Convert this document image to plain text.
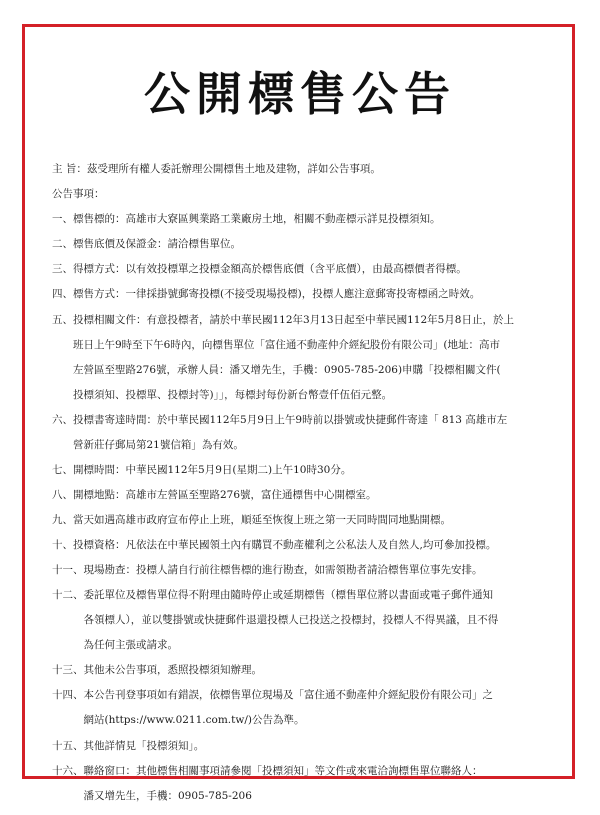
公開標售公告
主 旨：茲受理所有權人委託辦理公開標售土地及建物，詳如公告事項。
公告事項：
一、 標售標的：高雄市大寮區興業路工業廠房土地，相關不動產標示詳見投標須知。
二、 標售底價及保證金：請洽標售單位。
三、 得標方式：以有效投標單之投標金額高於標售底價（含平底價），由最高標價者得標。
四、 標售方式：一律採掛號郵寄投標(不接受現場投標)，投標人應注意郵寄投寄標函之時效。
五、 投標相關文件：有意投標者，請於中華民國112年3月13日起至中華民國112年5月8日止，於上
班日上午9時至下午6時內，向標售單位「富住通不動產仲介經紀股份有限公司」(地址：高市
左營區至聖路276號，承辦人員：潘又增先生，手機：0905-785-206)申購「投標相關文件(
投標須知、投標單、投標封等)」」，每標封每份新台幣壹仟伍佰元整。
六、 投標書寄達時間：於中華民國112年5月9日上午9時前以掛號或快捷郵件寄達「 813 高雄市左
營新莊仔郵局第21號信箱」為有效。
七、 開標時間：中華民國112年5月9日(星期二)上午10時30分。
八、 開標地點：高雄市左營區至聖路276號，富住通標售中心開標室。
九、 當天如遇高雄市政府宣布停止上班，順延至恢復上班之第一天同時間同地點開標。
十、 投標資格：凡依法在中華民國領土內有購買不動產權利之公私法人及自然人,均可參加投標。
十一、 現場勘查：投標人請自行前往標售標的進行勘查，如需領勘者請洽標售單位事先安排。
十二、 委託單位及標售單位得不附理由隨時停止或延期標售（標售單位將以書面或電子郵件通知
各領標人），並以雙掛號或快捷郵件退還投標人已投送之投標封，投標人不得異議，且不得
為任何主張或請求。
十三、 其他未公告事項，悉照投標須知辦理。
十四、 本公告刊登事項如有錯誤，依標售單位現場及「富住通不動產仲介經紀股份有限公司」之
網站(https://www.0211.com.tw/)公告為準。
十五、 其他詳情見「投標須知」。
十六、 聯絡窗口：其他標售相關事項請參閱「投標須知」等文件或來電洽詢標售單位聯絡人：
潘又增先生，手機：0905-785-206
